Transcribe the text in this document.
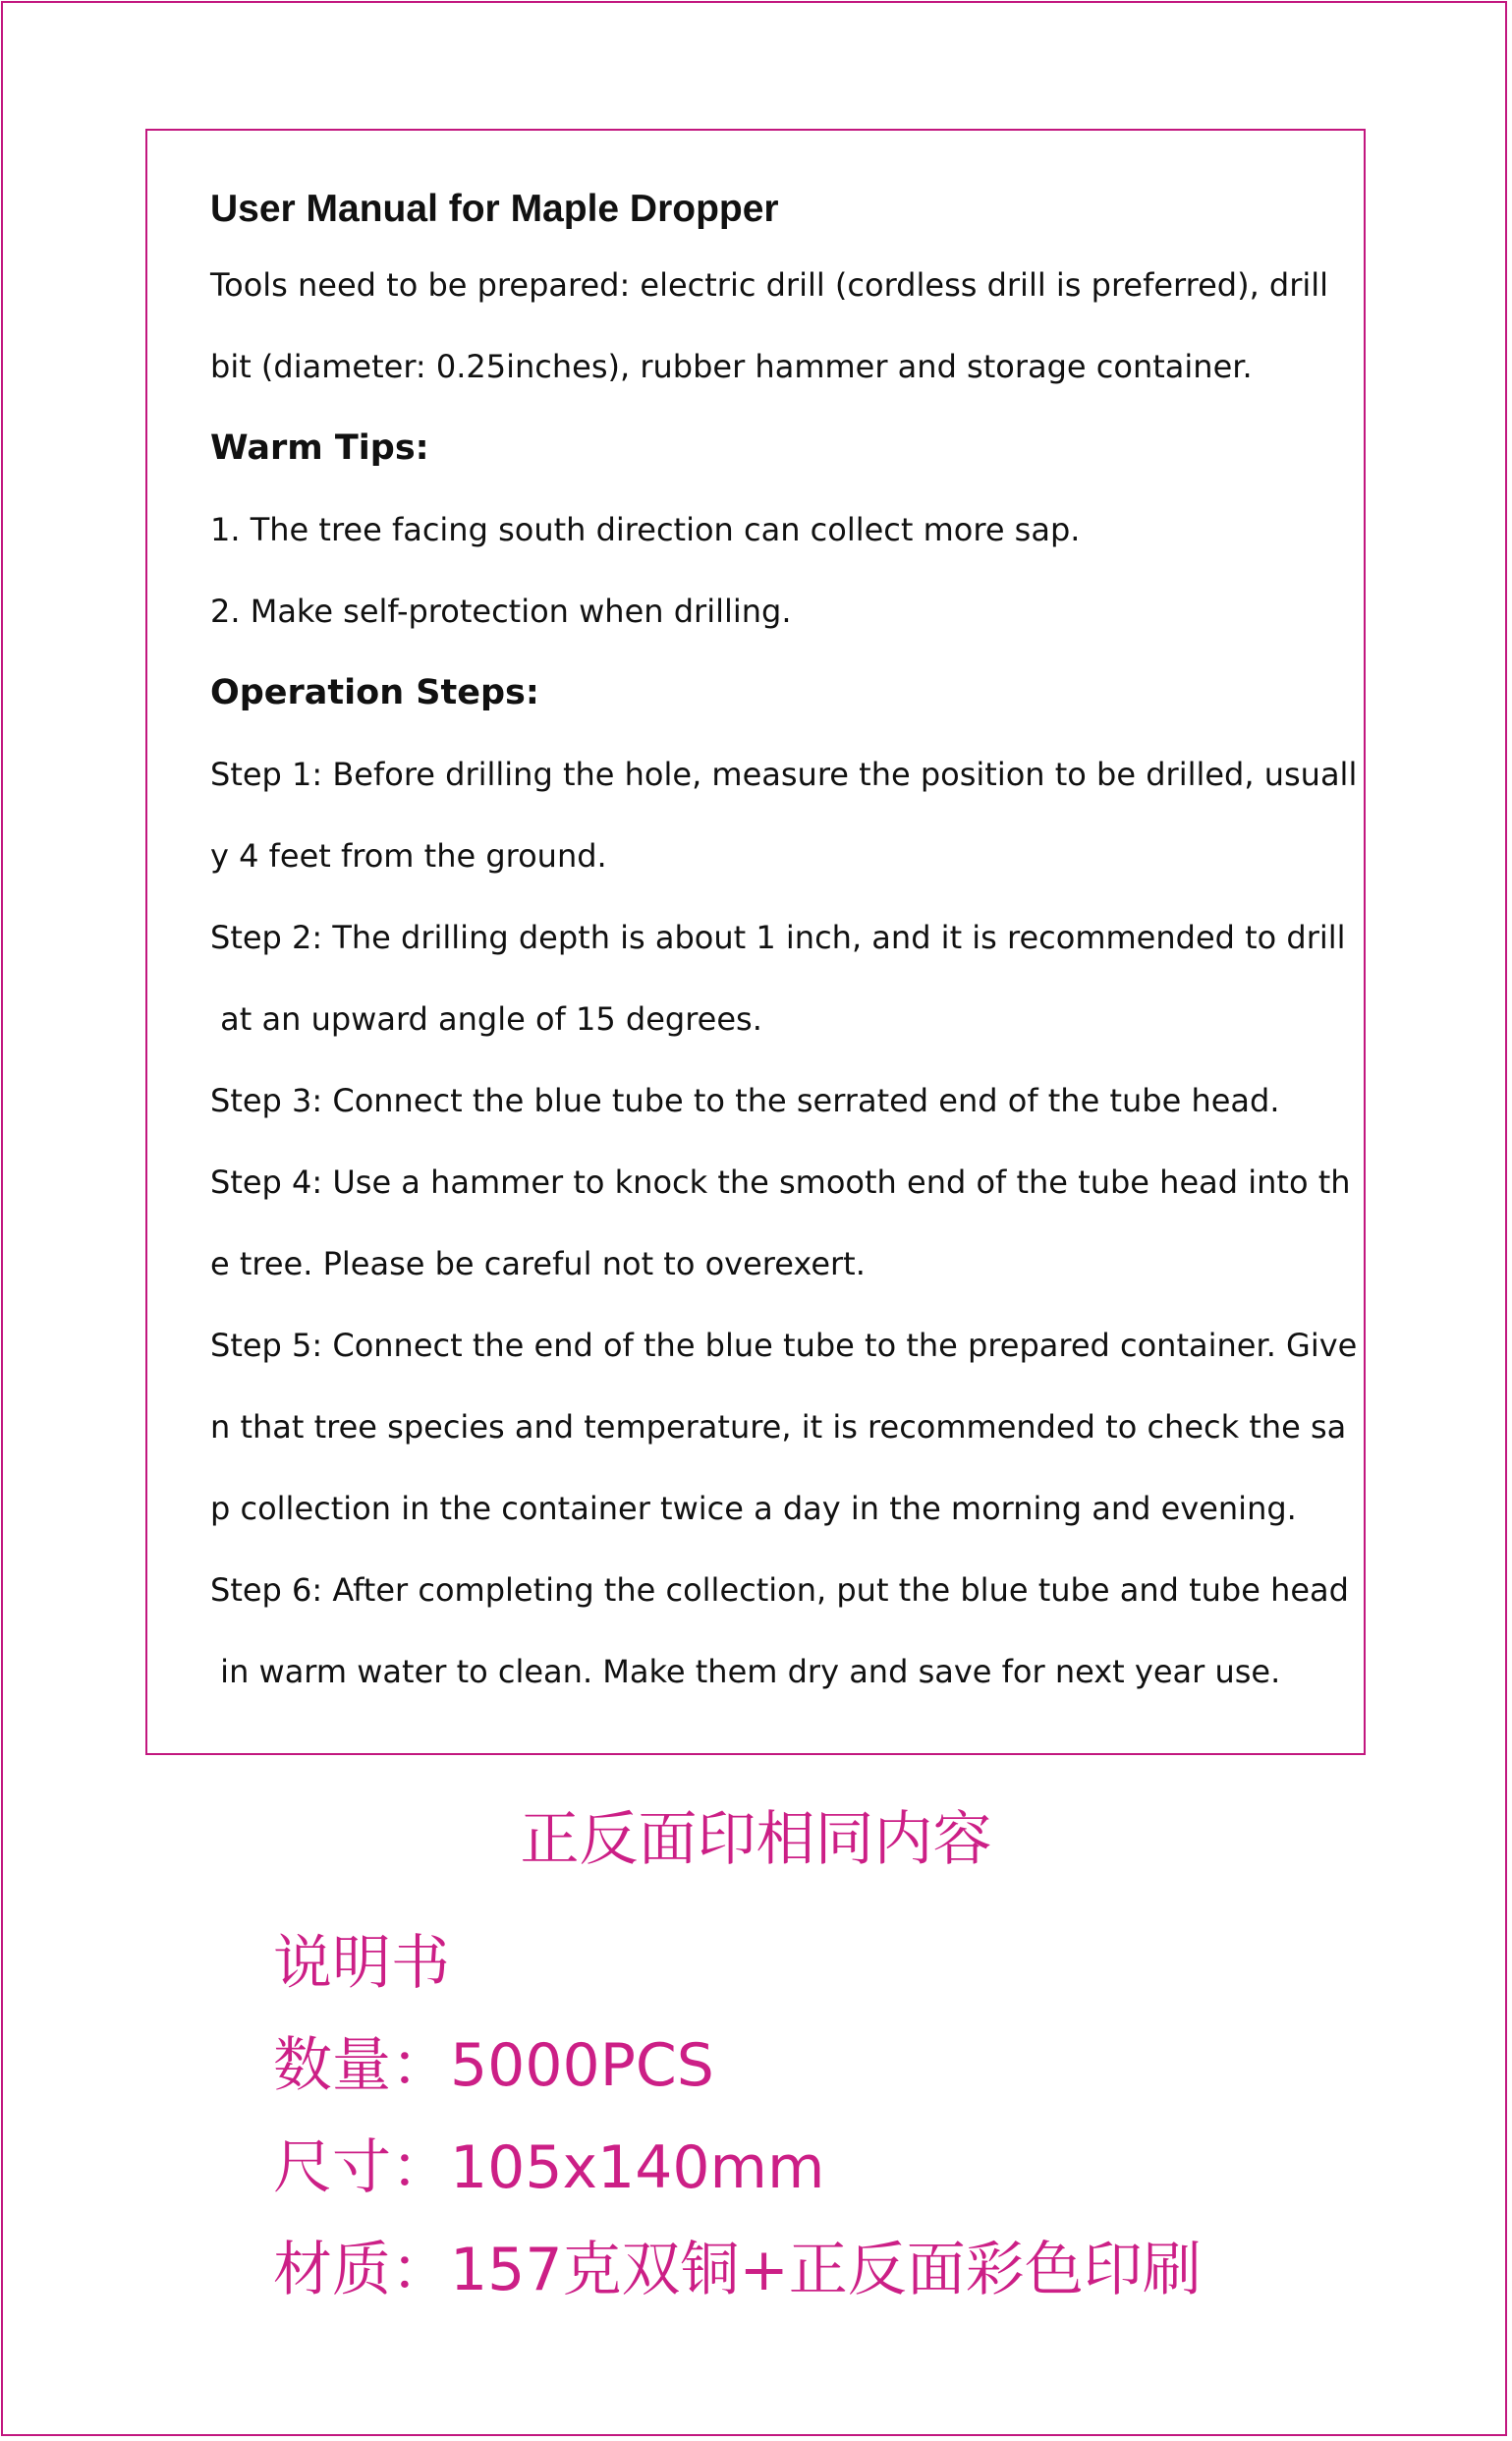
User Manual for Maple Dropper

Tools need to be prepared: electric drill (cordless drill is preferred), drill

bit (diameter: 0.25inches), rubber hammer and storage container.

Warm Tips:

1. The tree facing south direction can collect more sap.

2. Make self-protection when drilling.

Operation Steps:

Step 1: Before drilling the hole, measure the position to be drilled, usuall

y 4 feet from the ground.

Step 2: The drilling depth is about 1 inch, and it is recommended to drill

at an upward angle of 15 degrees.

Step 3: Connect the blue tube to the serrated end of the tube head.

Step 4: Use a hammer to knock the smooth end of the tube head into th

e tree. Please be careful not to overexert.

Step 5: Connect the end of the blue tube to the prepared container. Give

n that tree species and temperature, it is recommended to check the sa

p collection in the container twice a day in the morning and evening.

Step 6: After completing the collection, put the blue tube and tube head

in warm water to clean. Make them dry and save for next year use.

正反面印相同内容

说明书
数量：5000PCS
尺寸：105x140mm
材质：157克双铜+正反面彩色印刷
